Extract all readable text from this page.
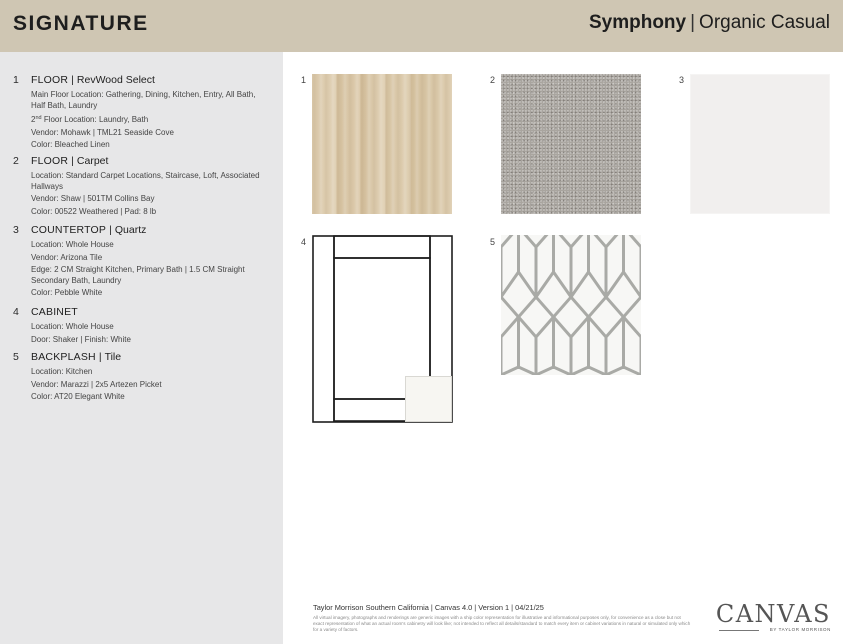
SIGNATURE	Symphony | Organic Casual
1 FLOOR | RevWood Select
Main Floor Location: Gathering, Dining, Kitchen, Entry, All Bath, Half Bath, Laundry
2nd Floor Location: Laundry, Bath
Vendor: Mohawk | TML21 Seaside Cove
Color: Bleached Linen
2 FLOOR | Carpet
Location: Standard Carpet Locations, Staircase, Loft, Associated Hallways
Vendor: Shaw | 501TM Collins Bay
Color: 00522 Weathered | Pad: 8 lb
3 COUNTERTOP | Quartz
Location: Whole House
Vendor: Arizona Tile
Edge: 2 CM Straight Kitchen, Primary Bath | 1.5 CM Straight Secondary Bath, Laundry
Color: Pebble White
4 CABINET
Location: Whole House
Door: Shaker | Finish: White
5 BACKPLASH | Tile
Location: Kitchen
Vendor: Marazzi | 2x5 Artezen Picket
Color: AT20 Elegant White
1	2	3
4	5
Taylor Morrison Southern California | Canvas 4.0 | Version 1 | 04/21/25
All virtual imagery, photographs and renderings are generic images with a ship color representation for illustrative and informational purposes only, for convenience as a close but not exact representation of what an actual room's cabinetry will look like; not intended to reflect all details/standard to match every item or cabinet variations in natural or simulated only which for a variety of factors.
CANVAS
BY TAYLOR MORRISON
